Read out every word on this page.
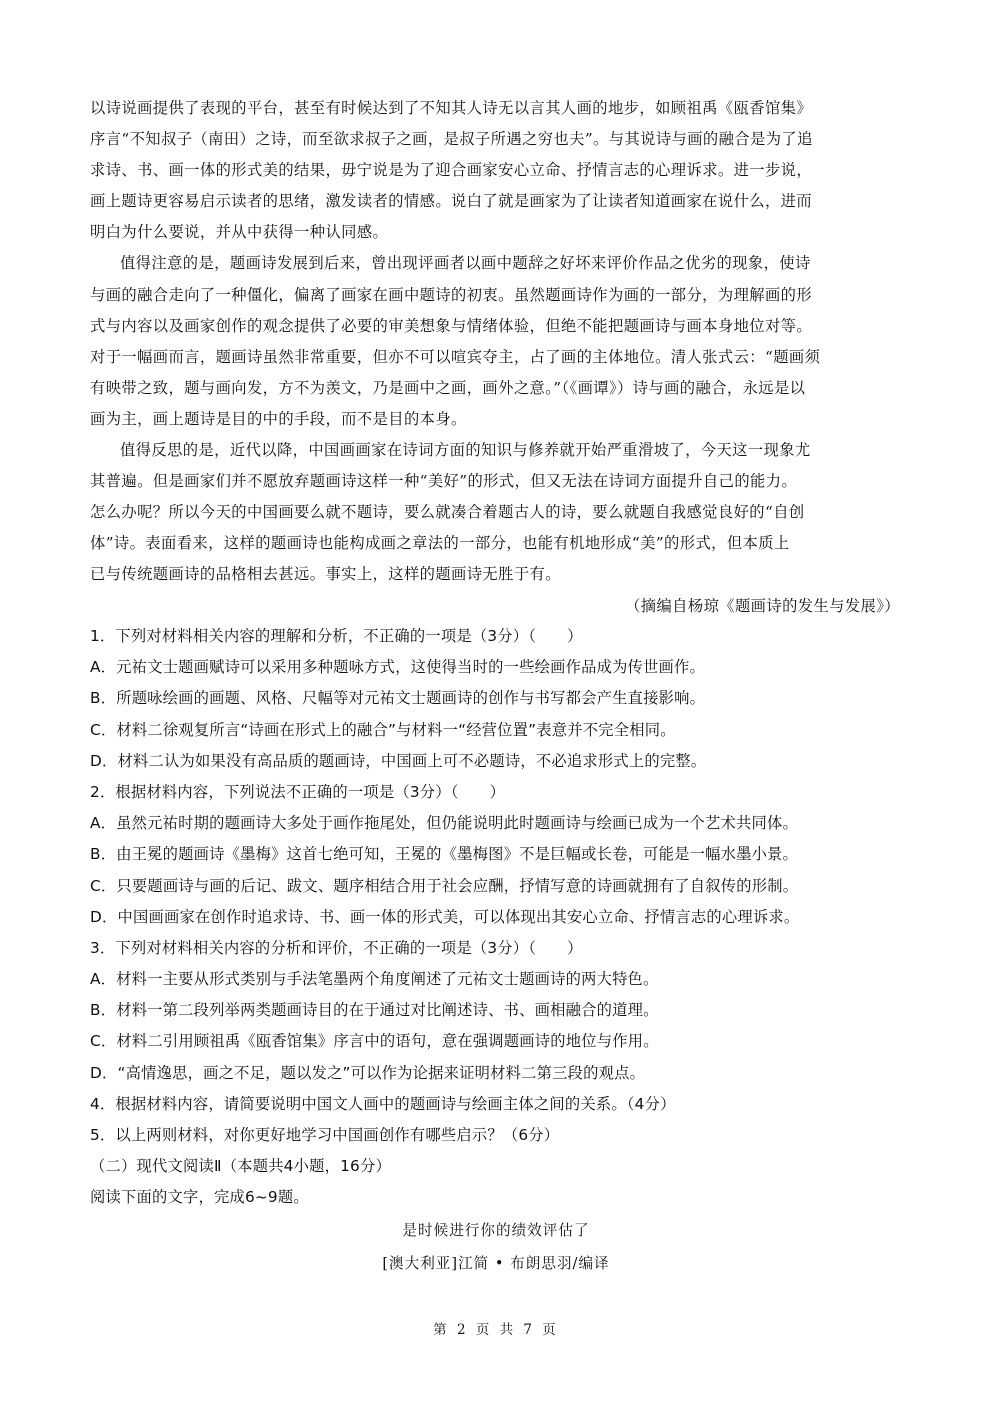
以诗说画提供了表现的平台，甚至有时候达到了不知其人诗无以言其人画的地步，如顾祖禹《瓯香馆集》
序言“不知叔子（南田）之诗，而至欲求叔子之画，是叔子所遇之穷也夫”。与其说诗与画的融合是为了追
求诗、书、画一体的形式美的结果，毋宁说是为了迎合画家安心立命、抒情言志的心理诉求。进一步说，
画上题诗更容易启示读者的思绪，激发读者的情感。说白了就是画家为了让读者知道画家在说什么，进而
明白为什么要说，并从中获得一种认同感。
值得注意的是，题画诗发展到后来，曾出现评画者以画中题辞之好坏来评价作品之优劣的现象，使诗
与画的融合走向了一种僵化，偏离了画家在画中题诗的初衷。虽然题画诗作为画的一部分，为理解画的形
式与内容以及画家创作的观念提供了必要的审美想象与情绪体验，但绝不能把题画诗与画本身地位对等。
对于一幅画而言，题画诗虽然非常重要，但亦不可以喧宾夺主，占了画的主体地位。清人张式云：“题画须
有映带之致，题与画向发，方不为羡文，乃是画中之画，画外之意。”（《画谭》）诗与画的融合，永远是以
画为主，画上题诗是目的中的手段，而不是目的本身。
值得反思的是，近代以降，中国画画家在诗词方面的知识与修养就开始严重滑坡了，今天这一现象尤
其普遍。但是画家们并不愿放弃题画诗这样一种“美好”的形式，但又无法在诗词方面提升自己的能力。
怎么办呢？所以今天的中国画要么就不题诗，要么就凑合着题古人的诗，要么就题自我感觉良好的“自创
体”诗。表面看来，这样的题画诗也能构成画之章法的一部分，也能有机地形成“美”的形式，但本质上
已与传统题画诗的品格相去甚远。事实上，这样的题画诗无胜于有。
（摘编自杨琼《题画诗的发生与发展》）
1．下列对材料相关内容的理解和分析，不正确的一项是（3分）（　　）
A．元祐文士题画赋诗可以采用多种题咏方式，这使得当时的一些绘画作品成为传世画作。
B．所题咏绘画的画题、风格、尺幅等对元祐文士题画诗的创作与书写都会产生直接影响。
C．材料二徐观复所言“诗画在形式上的融合”与材料一“经营位置”表意并不完全相同。
D．材料二认为如果没有高品质的题画诗，中国画上可不必题诗，不必追求形式上的完整。
2．根据材料内容，下列说法不正确的一项是（3分）（　　）
A．虽然元祐时期的题画诗大多处于画作拖尾处，但仍能说明此时题画诗与绘画已成为一个艺术共同体。
B．由王冕的题画诗《墨梅》这首七绝可知，王冕的《墨梅图》不是巨幅或长卷，可能是一幅水墨小景。
C．只要题画诗与画的后记、跋文、题序相结合用于社会应酬，抒情写意的诗画就拥有了自叙传的形制。
D．中国画画家在创作时追求诗、书、画一体的形式美，可以体现出其安心立命、抒情言志的心理诉求。
3．下列对材料相关内容的分析和评价，不正确的一项是（3分）（　　）
A．材料一主要从形式类别与手法笔墨两个角度阐述了元祐文士题画诗的两大特色。
B．材料一第二段列举两类题画诗目的在于通过对比阐述诗、书、画相融合的道理。
C．材料二引用顾祖禹《瓯香馆集》序言中的语句，意在强调题画诗的地位与作用。
D．“高情逸思，画之不足，题以发之”可以作为论据来证明材料二第三段的观点。
4．根据材料内容，请简要说明中国文人画中的题画诗与绘画主体之间的关系。（4分）
5．以上两则材料，对你更好地学习中国画创作有哪些启示？（6分）
（二）现代文阅读Ⅱ（本题共4小题，16分）
阅读下面的文字，完成6~9题。
是时候进行你的绩效评估了
[澳大利亚]江简 • 布朗思羽/编译
第 2 页 共 7 页
